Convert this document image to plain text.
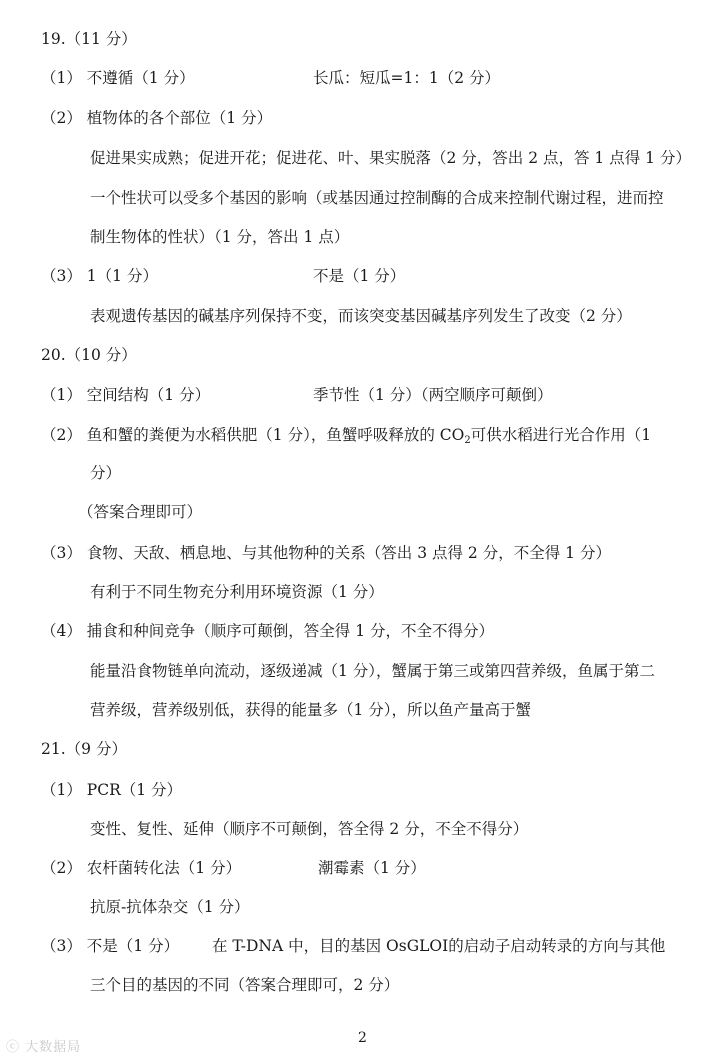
19.（11 分）
（1） 不遵循（1 分）	长瓜：短瓜=1：1（2 分）
（2） 植物体的各个部位（1 分）
促进果实成熟；促进开花；促进花、叶、果实脱落（2 分，答出 2 点，答 1 点得 1 分）
一个性状可以受多个基因的影响（或基因通过控制酶的合成来控制代谢过程，进而控
制生物体的性状）（1 分，答出 1 点）
（3） 1（1 分）	不是（1 分）
表观遗传基因的碱基序列保持不变，而该突变基因碱基序列发生了改变（2 分）
20.（10 分）
（1） 空间结构（1 分）	季节性（1 分）（两空顺序可颠倒）
（2） 鱼和蟹的粪便为水稻供肥（1 分），鱼蟹呼吸释放的 $CO_2$可供水稻进行光合作用（1
分）
（答案合理即可）
（3） 食物、天敌、栖息地、与其他物种的关系（答出 3 点得 2 分，不全得 1 分）
有利于不同生物充分利用环境资源（1 分）
（4） 捕食和种间竞争（顺序可颠倒，答全得 1 分，不全不得分）
能量沿食物链单向流动，逐级递减（1 分），蟹属于第三或第四营养级，鱼属于第二
营养级，营养级别低，获得的能量多（1 分），所以鱼产量高于蟹
21.（9 分）
（1） PCR（1 分）
变性、复性、延伸（顺序不可颠倒，答全得 2 分，不全不得分）
（2） 农杆菌转化法（1 分）	潮霉素（1 分）
抗原-抗体杂交（1 分）
（3） 不是（1 分） 在 T-DNA 中，目的基因 OsGLOⅠ的启动子启动转录的方向与其他
三个目的基因的不同（答案合理即可，2 分）
2
ⓒ 大数据局
